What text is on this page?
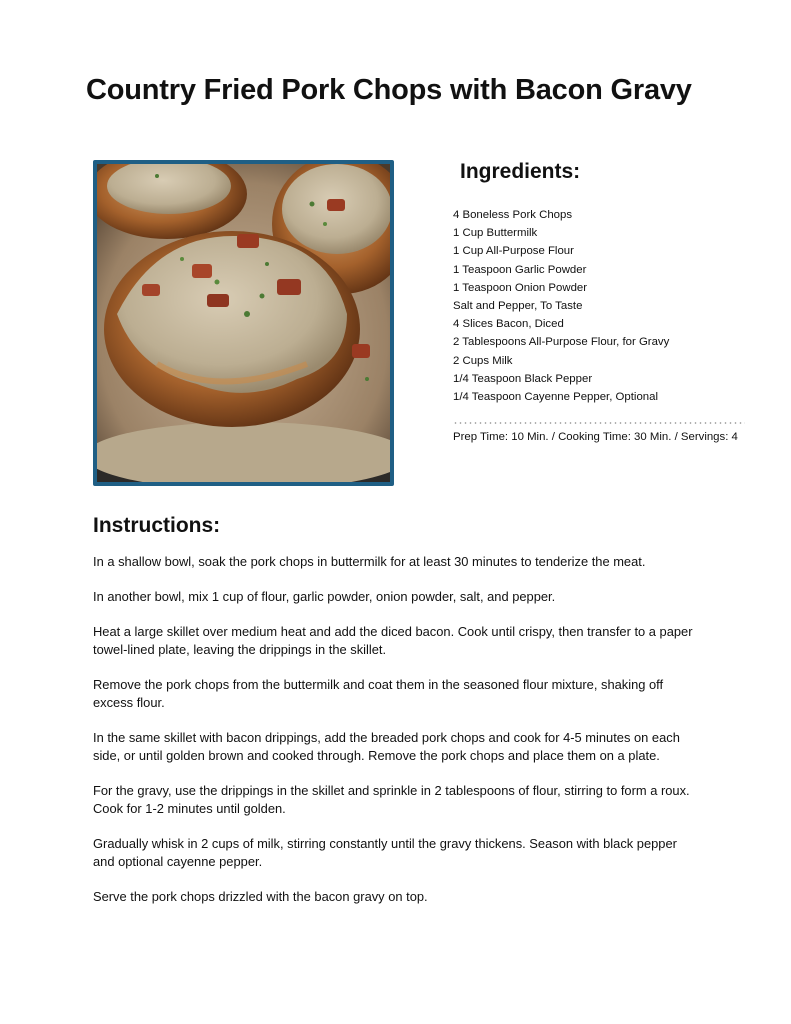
Country Fried Pork Chops with Bacon Gravy
Ingredients:
4 Boneless Pork Chops
1 Cup Buttermilk
1 Cup All-Purpose Flour
1 Teaspoon Garlic Powder
1 Teaspoon Onion Powder
Salt and Pepper, To Taste
4 Slices Bacon, Diced
2 Tablespoons All-Purpose Flour, for Gravy
2 Cups Milk
1/4 Teaspoon Black Pepper
1/4 Teaspoon Cayenne Pepper, Optional

Prep Time: 10 Min. / Cooking Time: 30 Min. / Servings: 4

Instructions:

In a shallow bowl, soak the pork chops in buttermilk for at least 30 minutes to tenderize the meat.

In another bowl, mix 1 cup of flour, garlic powder, onion powder, salt, and pepper.

Heat a large skillet over medium heat and add the diced bacon. Cook until crispy, then transfer to a paper towel-lined plate, leaving the drippings in the skillet.

Remove the pork chops from the buttermilk and coat them in the seasoned flour mixture, shaking off excess flour.

In the same skillet with bacon drippings, add the breaded pork chops and cook for 4-5 minutes on each side, or until golden brown and cooked through. Remove the pork chops and place them on a plate.

For the gravy, use the drippings in the skillet and sprinkle in 2 tablespoons of flour, stirring to form a roux. Cook for 1-2 minutes until golden.

Gradually whisk in 2 cups of milk, stirring constantly until the gravy thickens. Season with black pepper and optional cayenne pepper.

Serve the pork chops drizzled with the bacon gravy on top.
